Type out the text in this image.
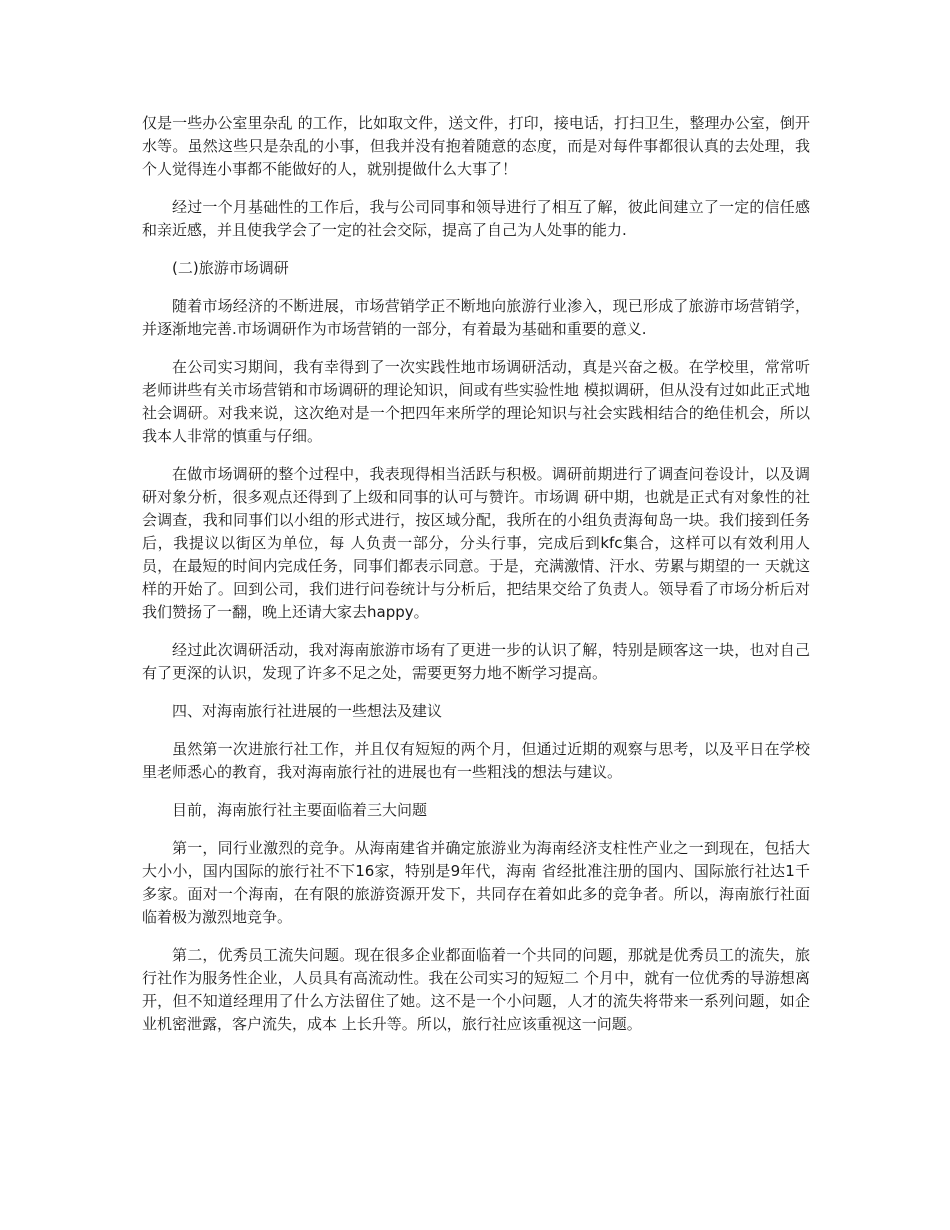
仅是一些办公室里杂乱 的工作，比如取文件，送文件，打印，接电话，打扫卫生，整理办公室，倒开水等。虽然这些只是杂乱的小事，但我并没有抱着随意的态度，而是对每件事都很认真的去处理，我个人觉得连小事都不能做好的人，就别提做什么大事了！

经过一个月基础性的工作后，我与公司同事和领导进行了相互了解，彼此间建立了一定的信任感和亲近感，并且使我学会了一定的社会交际，提高了自己为人处事的能力.

(二)旅游市场调研

随着市场经济的不断进展，市场营销学正不断地向旅游行业渗入，现已形成了旅游市场营销学，并逐渐地完善.市场调研作为市场营销的一部分，有着最为基础和重要的意义.

在公司实习期间，我有幸得到了一次实践性地市场调研活动，真是兴奋之极。在学校里，常常听老师讲些有关市场营销和市场调研的理论知识，间或有些实验性地 模拟调研，但从没有过如此正式地社会调研。对我来说，这次绝对是一个把四年来所学的理论知识与社会实践相结合的绝佳机会，所以我本人非常的慎重与仔细。

在做市场调研的整个过程中，我表现得相当活跃与积极。调研前期进行了调查问卷设计，以及调研对象分析，很多观点还得到了上级和同事的认可与赞许。市场调 研中期，也就是正式有对象性的社会调查，我和同事们以小组的形式进行，按区域分配，我所在的小组负责海甸岛一块。我们接到任务后，我提议以街区为单位，每 人负责一部分，分头行事，完成后到kfc集合，这样可以有效利用人员，在最短的时间内完成任务，同事们都表示同意。于是，充满激情、汗水、劳累与期望的一 天就这样的开始了。回到公司，我们进行问卷统计与分析后，把结果交给了负责人。领导看了市场分析后对我们赞扬了一翻，晚上还请大家去happy。

经过此次调研活动，我对海南旅游市场有了更进一步的认识了解，特别是顾客这一块，也对自己有了更深的认识，发现了许多不足之处，需要更努力地不断学习提高。

四、对海南旅行社进展的一些想法及建议

虽然第一次进旅行社工作，并且仅有短短的两个月，但通过近期的观察与思考，以及平日在学校里老师悉心的教育，我对海南旅行社的进展也有一些粗浅的想法与建议。

目前，海南旅行社主要面临着三大问题

第一，同行业激烈的竞争。从海南建省并确定旅游业为海南经济支柱性产业之一到现在，包括大大小小，国内国际的旅行社不下16家，特别是9年代，海南 省经批准注册的国内、国际旅行社达1千多家。面对一个海南，在有限的旅游资源开发下，共同存在着如此多的竞争者。所以，海南旅行社面临着极为激烈地竞争。

第二，优秀员工流失问题。现在很多企业都面临着一个共同的问题，那就是优秀员工的流失，旅行社作为服务性企业，人员具有高流动性。我在公司实习的短短二 个月中，就有一位优秀的导游想离开，但不知道经理用了什么方法留住了她。这不是一个小问题，人才的流失将带来一系列问题，如企业机密泄露，客户流失，成本 上长升等。所以，旅行社应该重视这一问题。
